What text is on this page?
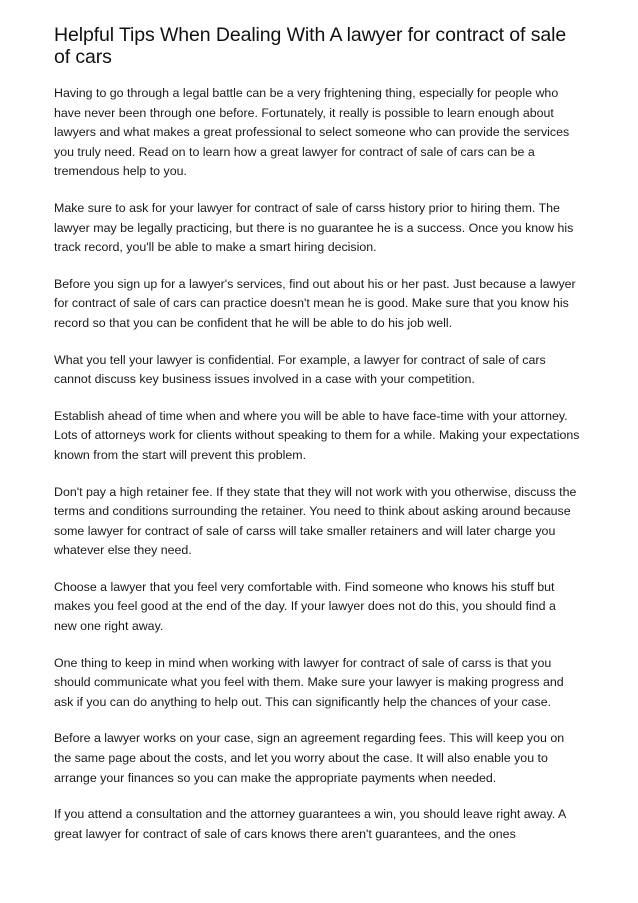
Helpful Tips When Dealing With A lawyer for contract of sale of cars

Having to go through a legal battle can be a very frightening thing, especially for people who have never been through one before. Fortunately, it really is possible to learn enough about lawyers and what makes a great professional to select someone who can provide the services you truly need. Read on to learn how a great lawyer for contract of sale of cars can be a tremendous help to you.

Make sure to ask for your lawyer for contract of sale of carss history prior to hiring them. The lawyer may be legally practicing, but there is no guarantee he is a success. Once you know his track record, you'll be able to make a smart hiring decision.

Before you sign up for a lawyer's services, find out about his or her past. Just because a lawyer for contract of sale of cars can practice doesn't mean he is good. Make sure that you know his record so that you can be confident that he will be able to do his job well.

What you tell your lawyer is confidential. For example, a lawyer for contract of sale of cars cannot discuss key business issues involved in a case with your competition.

Establish ahead of time when and where you will be able to have face-time with your attorney. Lots of attorneys work for clients without speaking to them for a while. Making your expectations known from the start will prevent this problem.

Don't pay a high retainer fee. If they state that they will not work with you otherwise, discuss the terms and conditions surrounding the retainer. You need to think about asking around because some lawyer for contract of sale of carss will take smaller retainers and will later charge you whatever else they need.

Choose a lawyer that you feel very comfortable with. Find someone who knows his stuff but makes you feel good at the end of the day. If your lawyer does not do this, you should find a new one right away.

One thing to keep in mind when working with lawyer for contract of sale of carss is that you should communicate what you feel with them. Make sure your lawyer is making progress and ask if you can do anything to help out. This can significantly help the chances of your case.

Before a lawyer works on your case, sign an agreement regarding fees. This will keep you on the same page about the costs, and let you worry about the case. It will also enable you to arrange your finances so you can make the appropriate payments when needed.

If you attend a consultation and the attorney guarantees a win, you should leave right away. A great lawyer for contract of sale of cars knows there aren't guarantees, and the ones
